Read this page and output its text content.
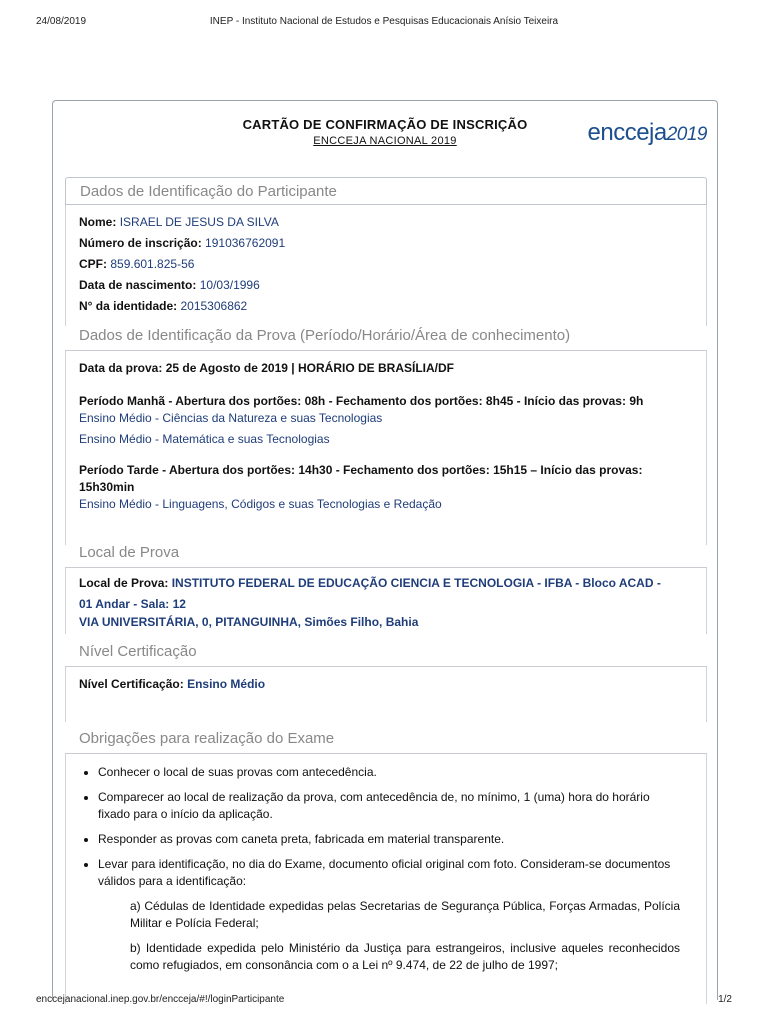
24/08/2019	INEP - Instituto Nacional de Estudos e Pesquisas Educacionais Anísio Teixeira
CARTÃO DE CONFIRMAÇÃO DE INSCRIÇÃO
ENCCEJA NACIONAL 2019	encceja2019
Dados de Identificação do Participante
Nome: ISRAEL DE JESUS DA SILVA
Número de inscrição: 191036762091
CPF: 859.601.825-56
Data de nascimento: 10/03/1996
N° da identidade: 2015306862
Dados de Identificação da Prova (Período/Horário/Área de conhecimento)
Data da prova: 25 de Agosto de 2019 | HORÁRIO DE BRASÍLIA/DF
Período Manhã - Abertura dos portões: 08h - Fechamento dos portões: 8h45 - Início das provas: 9h
Ensino Médio - Ciências da Natureza e suas Tecnologias
Ensino Médio - Matemática e suas Tecnologias
Período Tarde - Abertura dos portões: 14h30 - Fechamento dos portões: 15h15 – Início das provas:
15h30min
Ensino Médio - Linguagens, Códigos e suas Tecnologias e Redação
Local de Prova
Local de Prova: INSTITUTO FEDERAL DE EDUCAÇÃO CIENCIA E TECNOLOGIA - IFBA - Bloco ACAD -
01 Andar - Sala: 12
VIA UNIVERSITÁRIA, 0, PITANGUINHA, Simões Filho, Bahia
Nível Certificação
Nível Certificação: Ensino Médio
Obrigações para realização do Exame
• Conhecer o local de suas provas com antecedência.
• Comparecer ao local de realização da prova, com antecedência de, no mínimo, 1 (uma) hora do horário fixado para o início da aplicação.
• Responder as provas com caneta preta, fabricada em material transparente.
• Levar para identificação, no dia do Exame, documento oficial original com foto. Consideram-se documentos válidos para a identificação:
a) Cédulas de Identidade expedidas pelas Secretarias de Segurança Pública, Forças Armadas, Polícia Militar e Polícia Federal;
b) Identidade expedida pelo Ministério da Justiça para estrangeiros, inclusive aqueles reconhecidos como refugiados, em consonância com o a Lei nº 9.474, de 22 de julho de 1997;
enccejanacional.inep.gov.br/encceja/#!/loginParticipante	1/2
